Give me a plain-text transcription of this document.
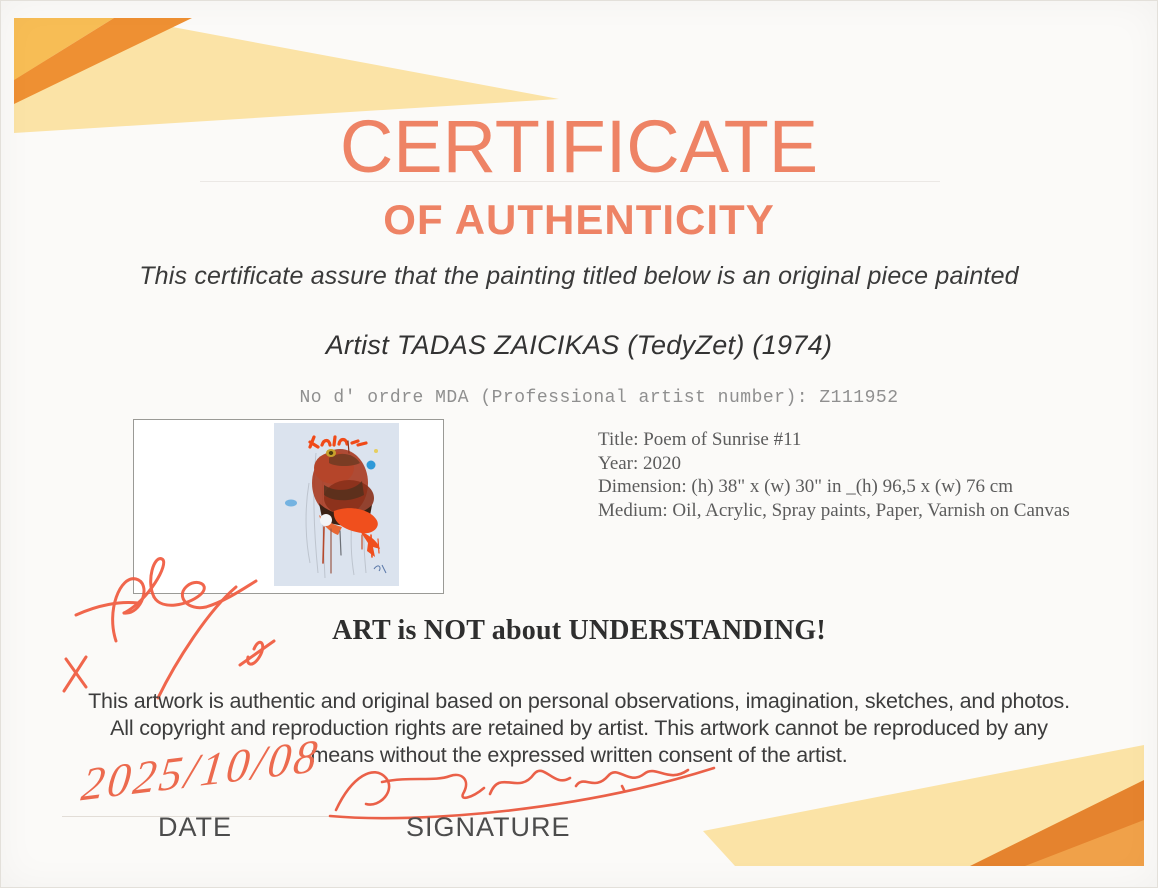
CERTIFICATE
OF AUTHENTICITY
This certificate assure that the painting titled below is an original piece painted
Artist TADAS ZAICIKAS (TedyZet) (1974)
No d' ordre MDA (Professional artist number): Z111952
Title: Poem of Sunrise #11
Year: 2020
Dimension: (h) 38" x (w) 30" in _(h) 96,5 x (w) 76 cm
Medium: Oil, Acrylic, Spray paints, Paper, Varnish on Canvas
ART is NOT about UNDERSTANDING!
This artwork is authentic and original based on personal observations, imagination, sketches, and photos. All copyright and reproduction rights are retained by artist. This artwork cannot be reproduced by any means without the expressed written consent of the artist.
2025/10/08
DATE	SIGNATURE
